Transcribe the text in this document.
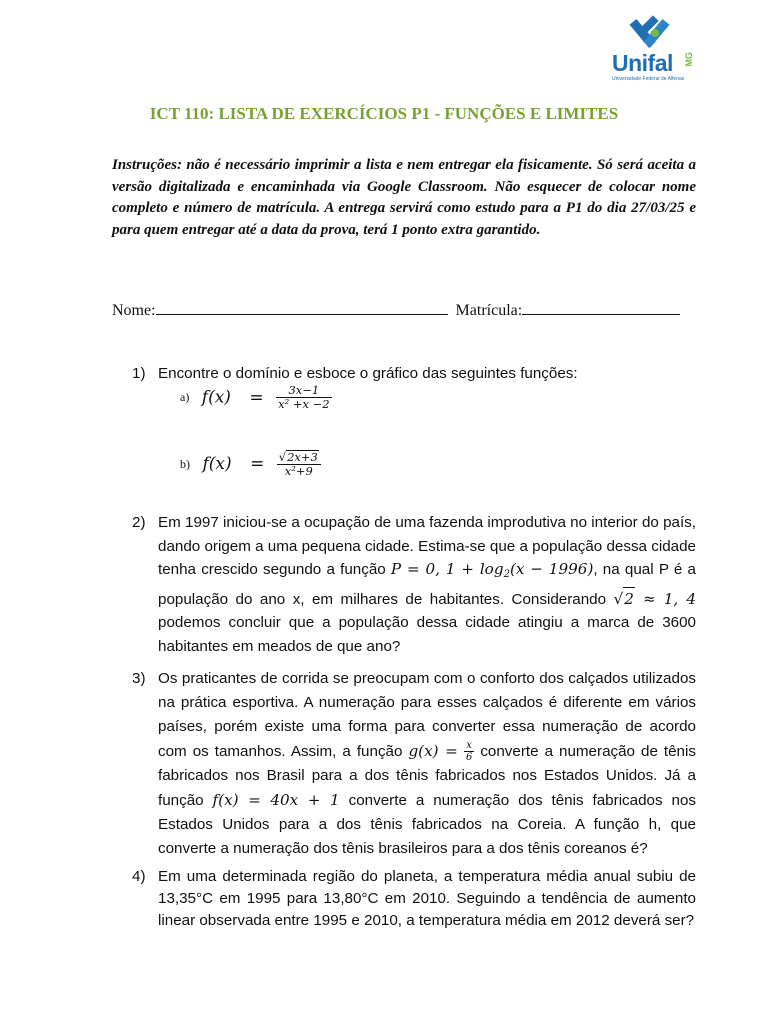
Unifal MG
Universidade Federal de Alfenas
ICT 110: LISTA DE EXERCÍCIOS P1 - FUNÇÕES E LIMITES
Instruções: não é necessário imprimir a lista e nem entregar ela fisicamente. Só será aceita a versão digitalizada e encaminhada via Google Classroom. Não esquecer de colocar nome completo e número de matrícula. A entrega servirá como estudo para a P1 do dia 27/03/25 e para quem entregar até a data da prova, terá 1 ponto extra garantido.
Nome:	Matrícula:
1) Encontre o domínio e esboce o gráfico das seguintes funções:
a) $f(x) = \frac{3x-1}{\text{x² +x −2}}$
b) $f(x) = \frac{√2x+3}{\text{x²+9}}$
2) Em 1997 iniciou-se a ocupação de uma fazenda improdutiva no interior do país, dando origem a uma pequena cidade. Estima-se que a população dessa cidade tenha crescido segundo a função P = 0, 1 + log2(x − 1996), na qual P é a população do ano x, em milhares de habitantes. Considerando √2 ≈ 1, 4 podemos concluir que a população dessa cidade atingiu a marca de 3600 habitantes em meados de que ano?
3) Os praticantes de corrida se preocupam com o conforto dos calçados utilizados na prática esportiva. A numeração para esses calçados é diferente em vários países, porém existe uma forma para converter essa numeração de acordo com os tamanhos. Assim, a função $g(x) = \frac{x}{6}$ converte a numeração de tênis fabricados nos Brasil para a dos tênis fabricados nos Estados Unidos. Já a função f(x) = 40x + 1 converte a numeração dos tênis fabricados nos Estados Unidos para a dos tênis fabricados na Coreia. A função h, que converte a numeração dos tênis brasileiros para a dos tênis coreanos é?
4) Em uma determinada região do planeta, a temperatura média anual subiu de 13,35°C em 1995 para 13,80°C em 2010. Seguindo a tendência de aumento linear observada entre 1995 e 2010, a temperatura média em 2012 deverá ser?
